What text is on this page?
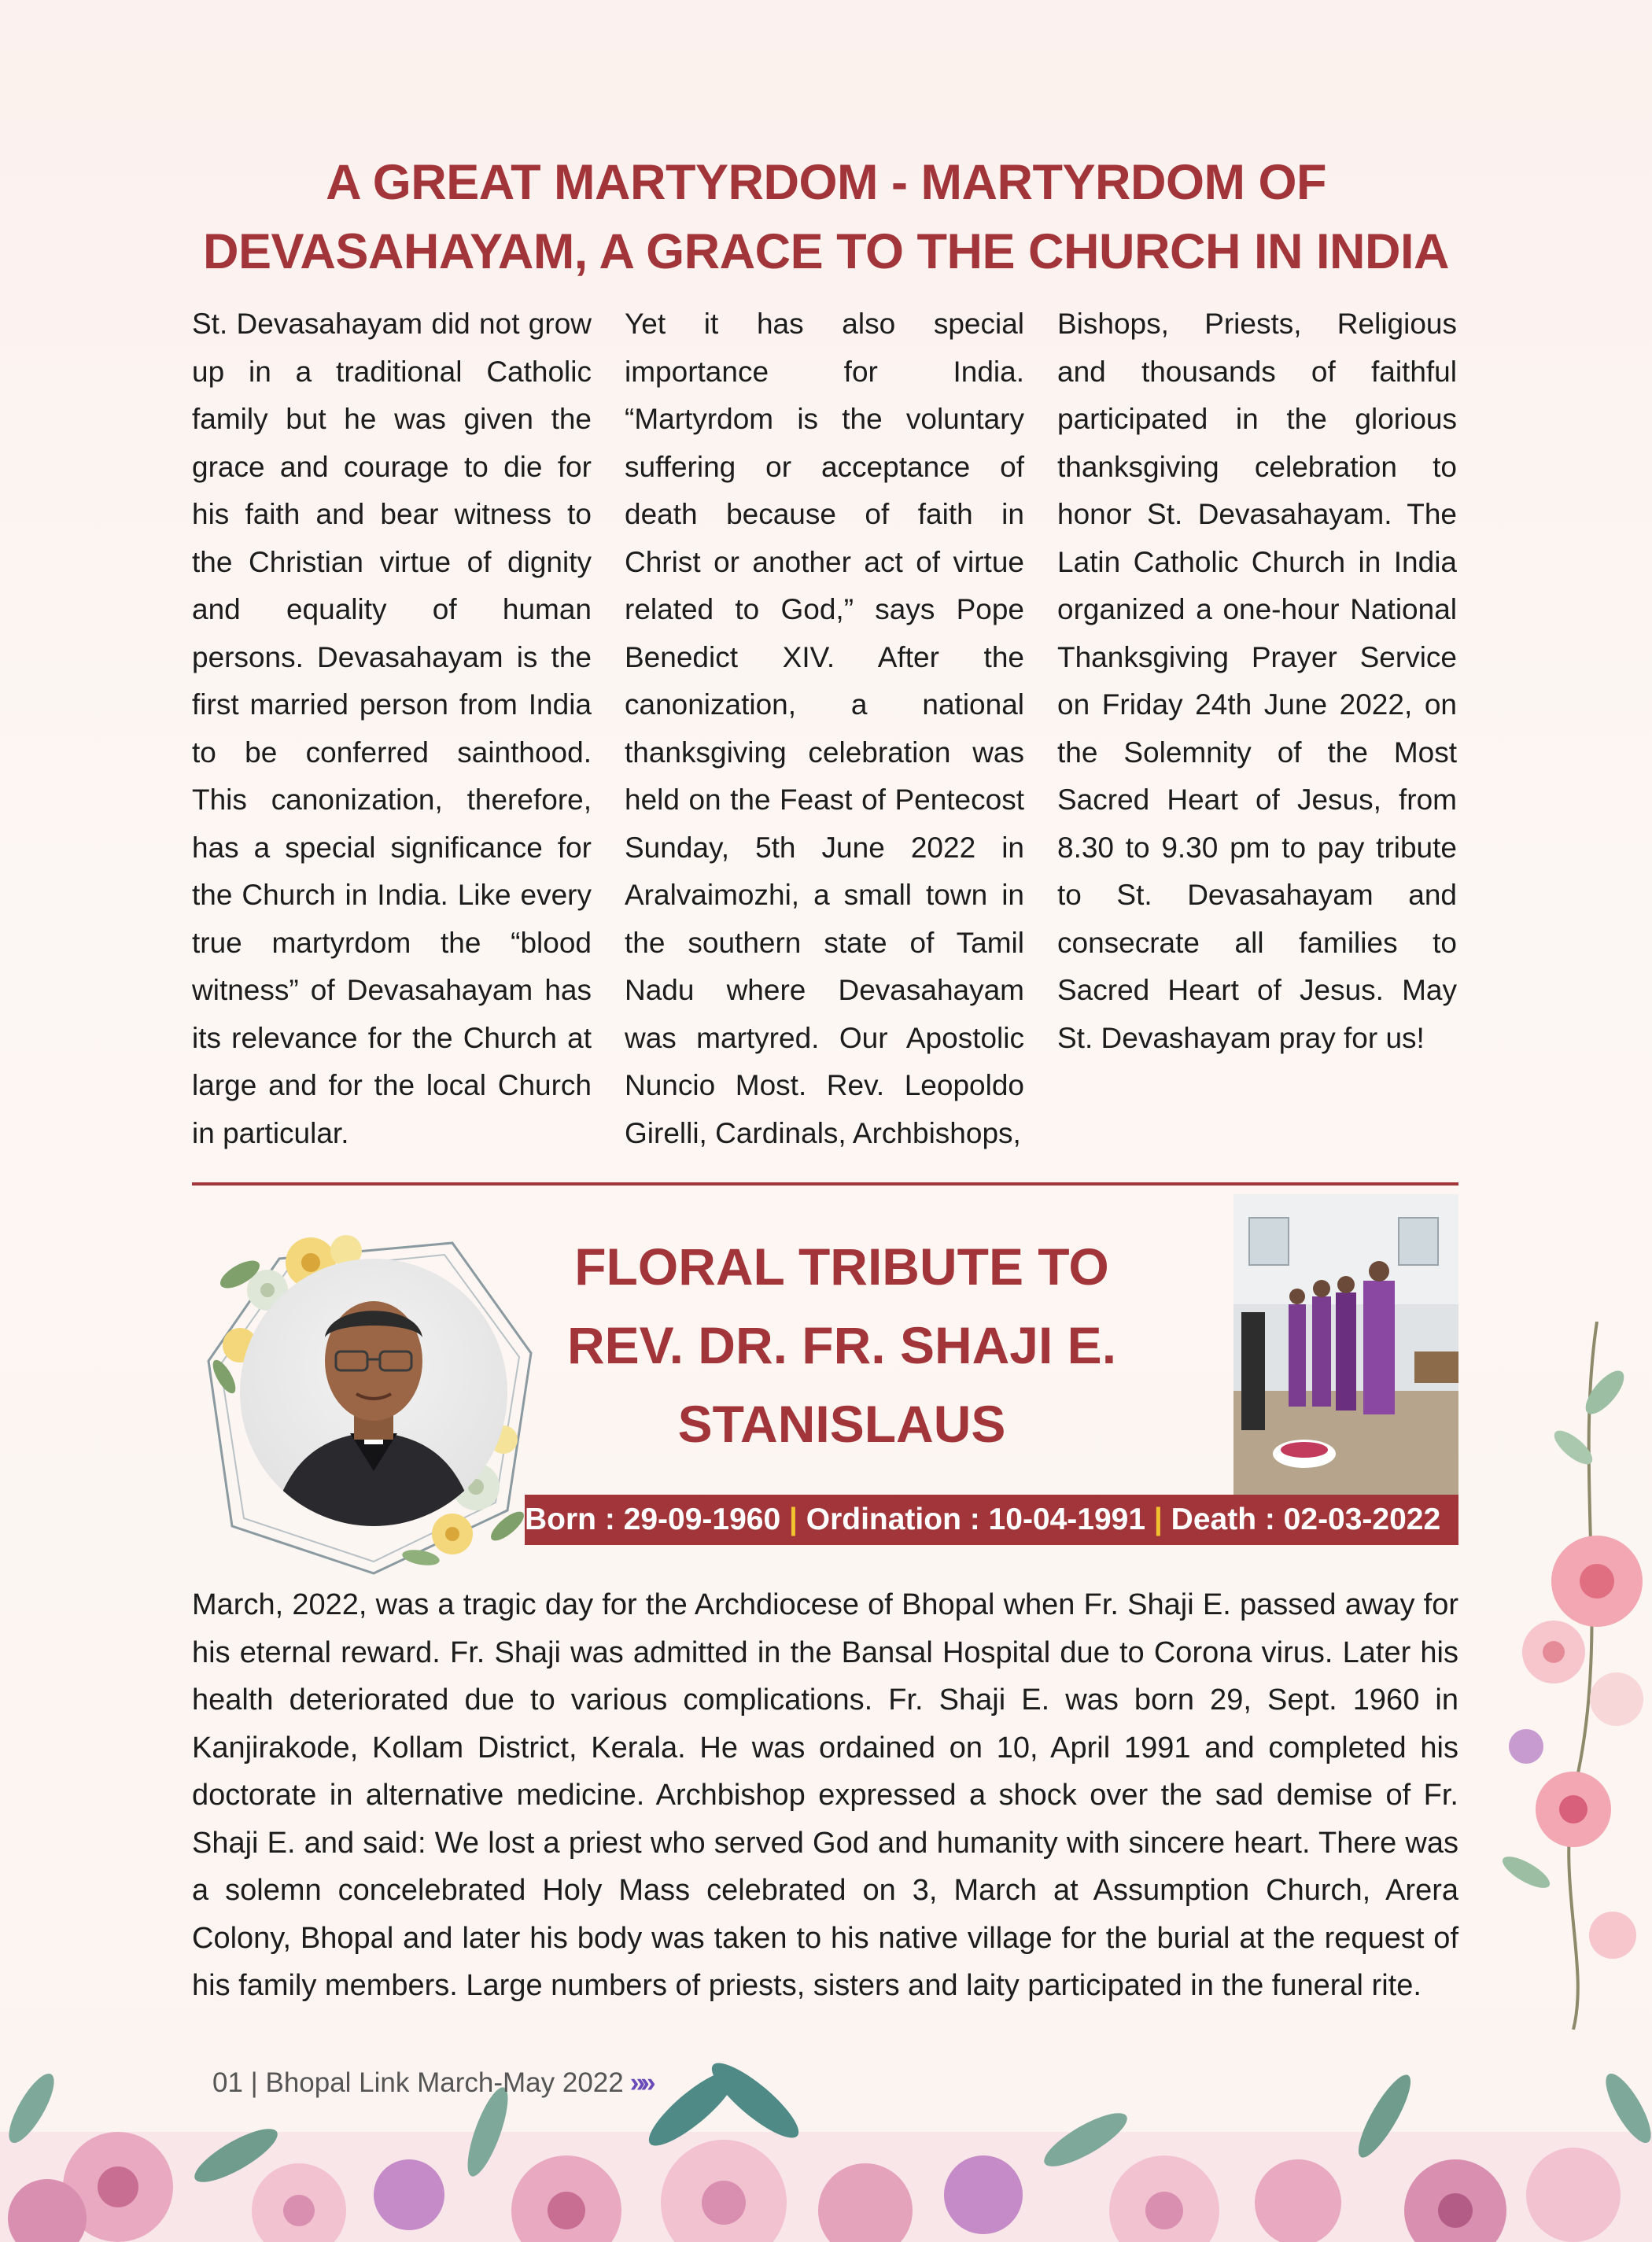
A GREAT MARTYRDOM - MARTYRDOM OF
DEVASAHAYAM, A GRACE TO THE CHURCH IN INDIA
St. Devasahayam did not grow up in a traditional Catholic family but he was given the grace and courage to die for his faith and bear witness to the Christian virtue of dignity and equality of human persons. Devasahayam is the first married person from India to be conferred sainthood. This canonization, therefore, has a special significance for the Church in India. Like every true martyrdom the “blood witness” of Devasahayam has its relevance for the Church at large and for the local Church in particular.
Yet it has also special importance for India. “Martyrdom is the voluntary suffering or acceptance of death because of faith in Christ or another act of virtue related to God,” says Pope Benedict XIV. After the canonization, a national thanksgiving celebration was held on the Feast of Pentecost Sunday, 5th June 2022 in Aralvaimozhi, a small town in the southern state of Tamil Nadu where Devasahayam was martyred. Our Apostolic Nuncio Most. Rev. Leopoldo Girelli, Cardinals, Archbishops,
Bishops, Priests, Religious and thousands of faithful participated in the glorious thanksgiving celebration to honor St. Devasahayam. The Latin Catholic Church in India organized a one-hour National Thanksgiving Prayer Service on Friday 24th June 2022, on the Solemnity of the Most Sacred Heart of Jesus, from 8.30 to 9.30 pm to pay tribute to St. Devasahayam and consecrate all families to Sacred Heart of Jesus. May St. Devashayam pray for us!
FLORAL TRIBUTE TO
REV. DR. FR. SHAJI E.
STANISLAUS
Born : 29-09-1960 | Ordination : 10-04-1991 | Death : 02-03-2022
March, 2022, was a tragic day for the Archdiocese of Bhopal when Fr. Shaji E. passed away for his eternal reward. Fr. Shaji was admitted in the Bansal Hospital due to Corona virus. Later his health deteriorated due to various complications. Fr. Shaji E. was born 29, Sept. 1960 in Kanjirakode, Kollam District, Kerala. He was ordained on 10, April 1991 and completed his doctorate in alternative medicine. Archbishop expressed a shock over the sad demise of Fr. Shaji E. and said: We lost a priest who served God and humanity with sincere heart. There was a solemn concelebrated Holy Mass celebrated on 3, March at Assumption Church, Arera Colony, Bhopal and later his body was taken to his native village for the burial at the request of his family members. Large numbers of priests, sisters and laity participated in the funeral rite.
01 | Bhopal Link March-May 2022 »»
